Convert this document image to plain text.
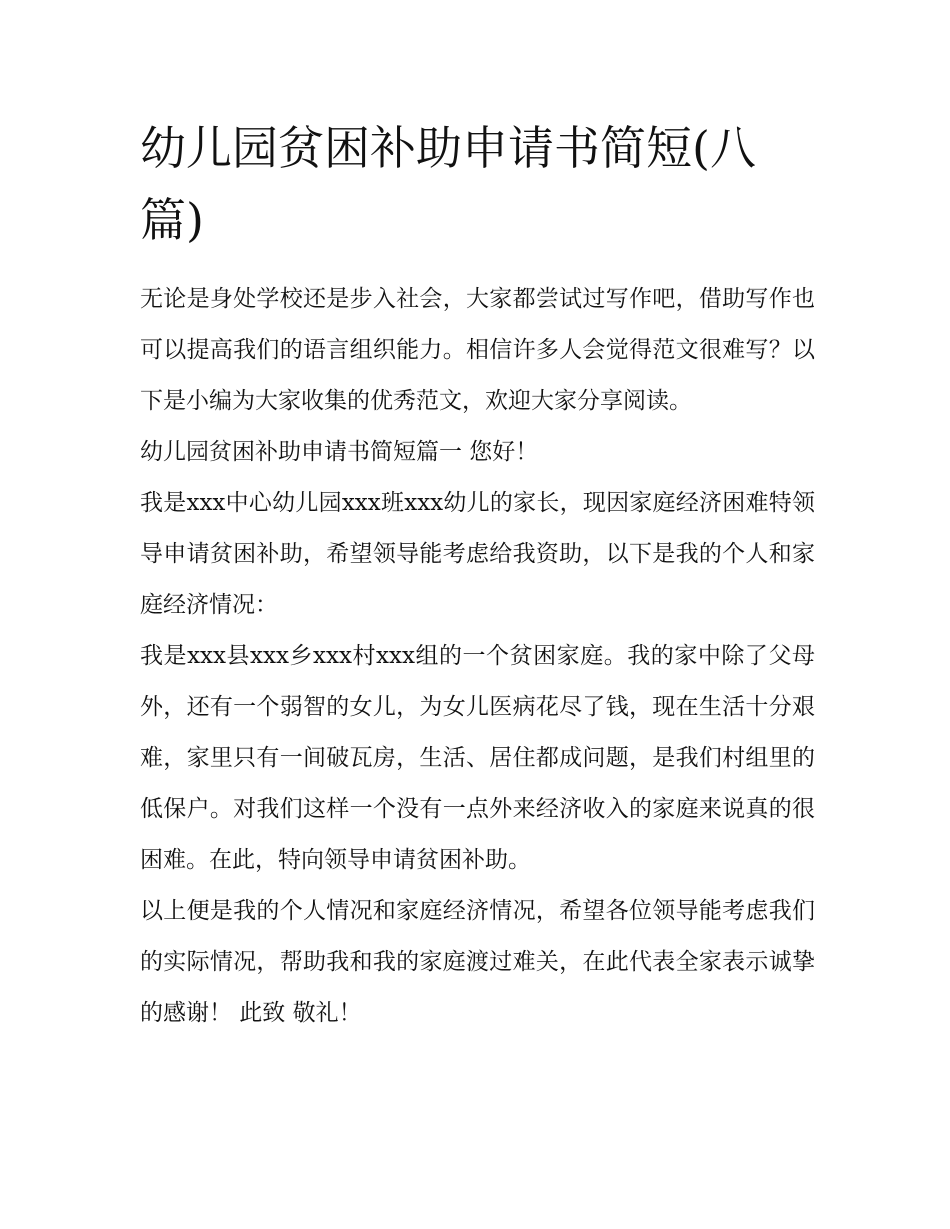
幼儿园贫困补助申请书简短(八篇)

无论是身处学校还是步入社会，大家都尝试过写作吧，借助写作也可以提高我们的语言组织能力。相信许多人会觉得范文很难写？以下是小编为大家收集的优秀范文，欢迎大家分享阅读。

幼儿园贫困补助申请书简短篇一 您好！

我是xxx中心幼儿园xxx班xxx幼儿的家长，现因家庭经济困难特领导申请贫困补助，希望领导能考虑给我资助，以下是我的个人和家庭经济情况：

我是xxx县xxx乡xxx村xxx组的一个贫困家庭。我的家中除了父母外，还有一个弱智的女儿，为女儿医病花尽了钱，现在生活十分艰难，家里只有一间破瓦房，生活、居住都成问题，是我们村组里的低保户。对我们这样一个没有一点外来经济收入的家庭来说真的很困难。在此，特向领导申请贫困补助。

以上便是我的个人情况和家庭经济情况，希望各位领导能考虑我们的实际情况，帮助我和我的家庭渡过难关，在此代表全家表示诚挚的感谢！ 此致 敬礼！
